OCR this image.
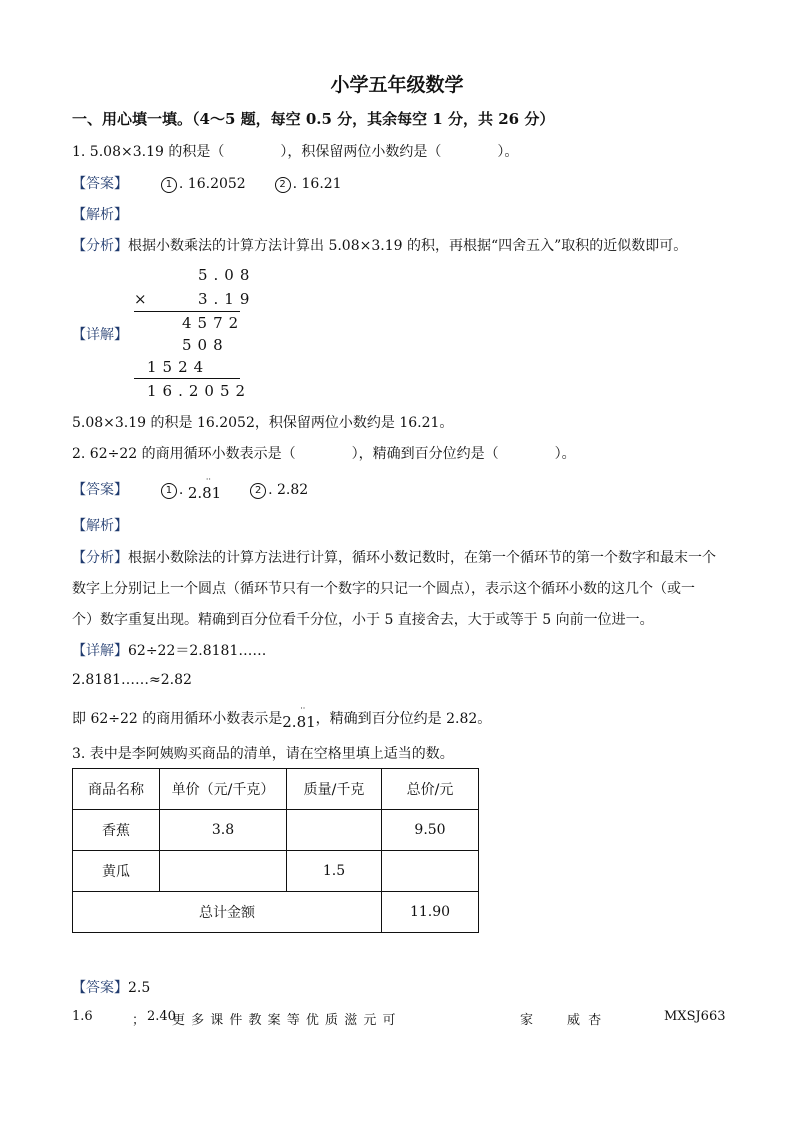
小学五年级数学
一、用心填一填。（4～5 题，每空 0.5 分，其余每空 1 分，共 26 分）
1. 5.08×3.19 的积是（　　　　），积保留两位小数约是（　　　　）。
【答案】	1 . 16.2052	2 . 16.21
【解析】
【分析】根据小数乘法的计算方法计算出 5.08×3.19 的积，再根据“四舍五入”取积的近似数即可。
5.08
×	3.19
4572
【详解】
508
1524
16.2052
5.08×3.19 的积是 16.2052，积保留两位小数约是 16.21。
2. 62÷22 的商用循环小数表示是（　　　　），精确到百分位约是（　　　　）。
【答案】	1 .
··
2.81	2 . 2.82
【解析】
【分析】根据小数除法的计算方法进行计算，循环小数记数时，在第一个循环节的第一个数字和最末一个
数字上分别记上一个圆点（循环节只有一个数字的只记一个圆点），表示这个循环小数的这几个（或一
个）数字重复出现。精确到百分位看千分位，小于 5 直接舍去，大于或等于 5 向前一位进一。
【详解】62÷22＝2.8181……
2.8181……≈2.82
即 62÷22 的商用循环小数表示是
··
2.81，精确到百分位约是 2.82。
3. 表中是李阿姨购买商品的清单，请在空格里填上适当的数。
商品名称	单价（元/千克）	质量/千克	总价/元
香蕉	3.8		9.50
黄瓜		1.5	
总计金额			11.90
【答案】2.5
1.6	； 2.40
更 多 课 件 教 案 等 优 质 滋 元 可	家	威 杏	MXSJ663
